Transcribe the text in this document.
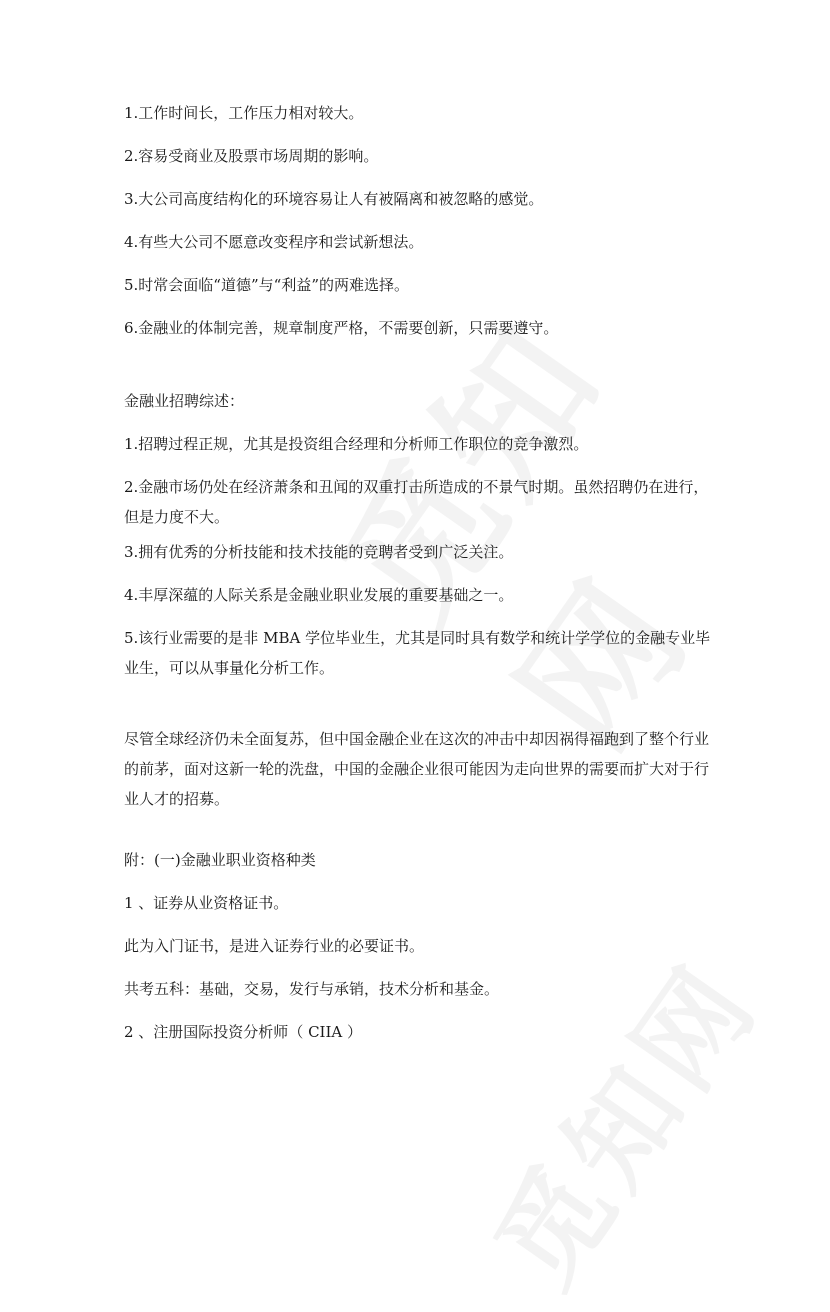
1.工作时间长，工作压力相对较大。

2.容易受商业及股票市场周期的影响。

3.大公司高度结构化的环境容易让人有被隔离和被忽略的感觉。

4.有些大公司不愿意改变程序和尝试新想法。

5.时常会面临“道德”与“利益”的两难选择。

6.金融业的体制完善，规章制度严格，不需要创新，只需要遵守。

金融业招聘综述：

1.招聘过程正规，尤其是投资组合经理和分析师工作职位的竞争激烈。

2.金融市场仍处在经济萧条和丑闻的双重打击所造成的不景气时期。虽然招聘仍在进行，但是力度不大。

3.拥有优秀的分析技能和技术技能的竞聘者受到广泛关注。

4.丰厚深蕴的人际关系是金融业职业发展的重要基础之一。

5.该行业需要的是非 MBA 学位毕业生，尤其是同时具有数学和统计学学位的金融专业毕业生，可以从事量化分析工作。

尽管全球经济仍未全面复苏，但中国金融企业在这次的冲击中却因祸得福跑到了整个行业的前茅，面对这新一轮的洗盘，中国的金融企业很可能因为走向世界的需要而扩大对于行业人才的招募。

附：(一)金融业职业资格种类

1 、证券从业资格证书。

此为入门证书，是进入证券行业的必要证书。

共考五科：基础，交易，发行与承销，技术分析和基金。

2 、注册国际投资分析师（ CIIA ）
